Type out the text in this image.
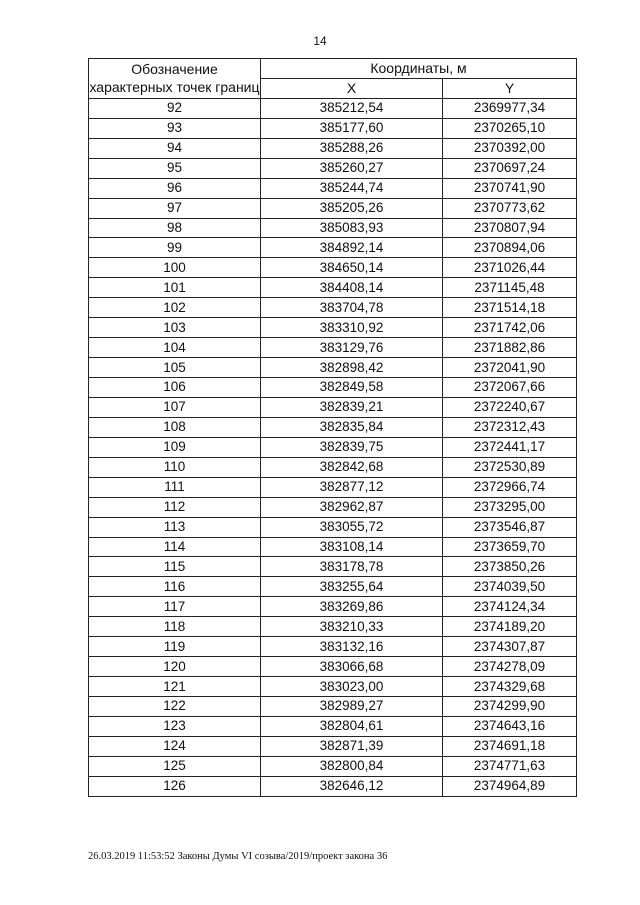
14
Обозначение характерных точек границ	Координаты, м	
	X	Y
92	385212,54	2369977,34
93	385177,60	2370265,10
94	385288,26	2370392,00
95	385260,27	2370697,24
96	385244,74	2370741,90
97	385205,26	2370773,62
98	385083,93	2370807,94
99	384892,14	2370894,06
100	384650,14	2371026,44
101	384408,14	2371145,48
102	383704,78	2371514,18
103	383310,92	2371742,06
104	383129,76	2371882,86
105	382898,42	2372041,90
106	382849,58	2372067,66
107	382839,21	2372240,67
108	382835,84	2372312,43
109	382839,75	2372441,17
110	382842,68	2372530,89
111	382877,12	2372966,74
112	382962,87	2373295,00
113	383055,72	2373546,87
114	383108,14	2373659,70
115	383178,78	2373850,26
116	383255,64	2374039,50
117	383269,86	2374124,34
118	383210,33	2374189,20
119	383132,16	2374307,87
120	383066,68	2374278,09
121	383023,00	2374329,68
122	382989,27	2374299,90
123	382804,61	2374643,16
124	382871,39	2374691,18
125	382800,84	2374771,63
126	382646,12	2374964,89
26.03.2019 11:53:52 Законы Думы VI созыва/2019/проект закона 36
